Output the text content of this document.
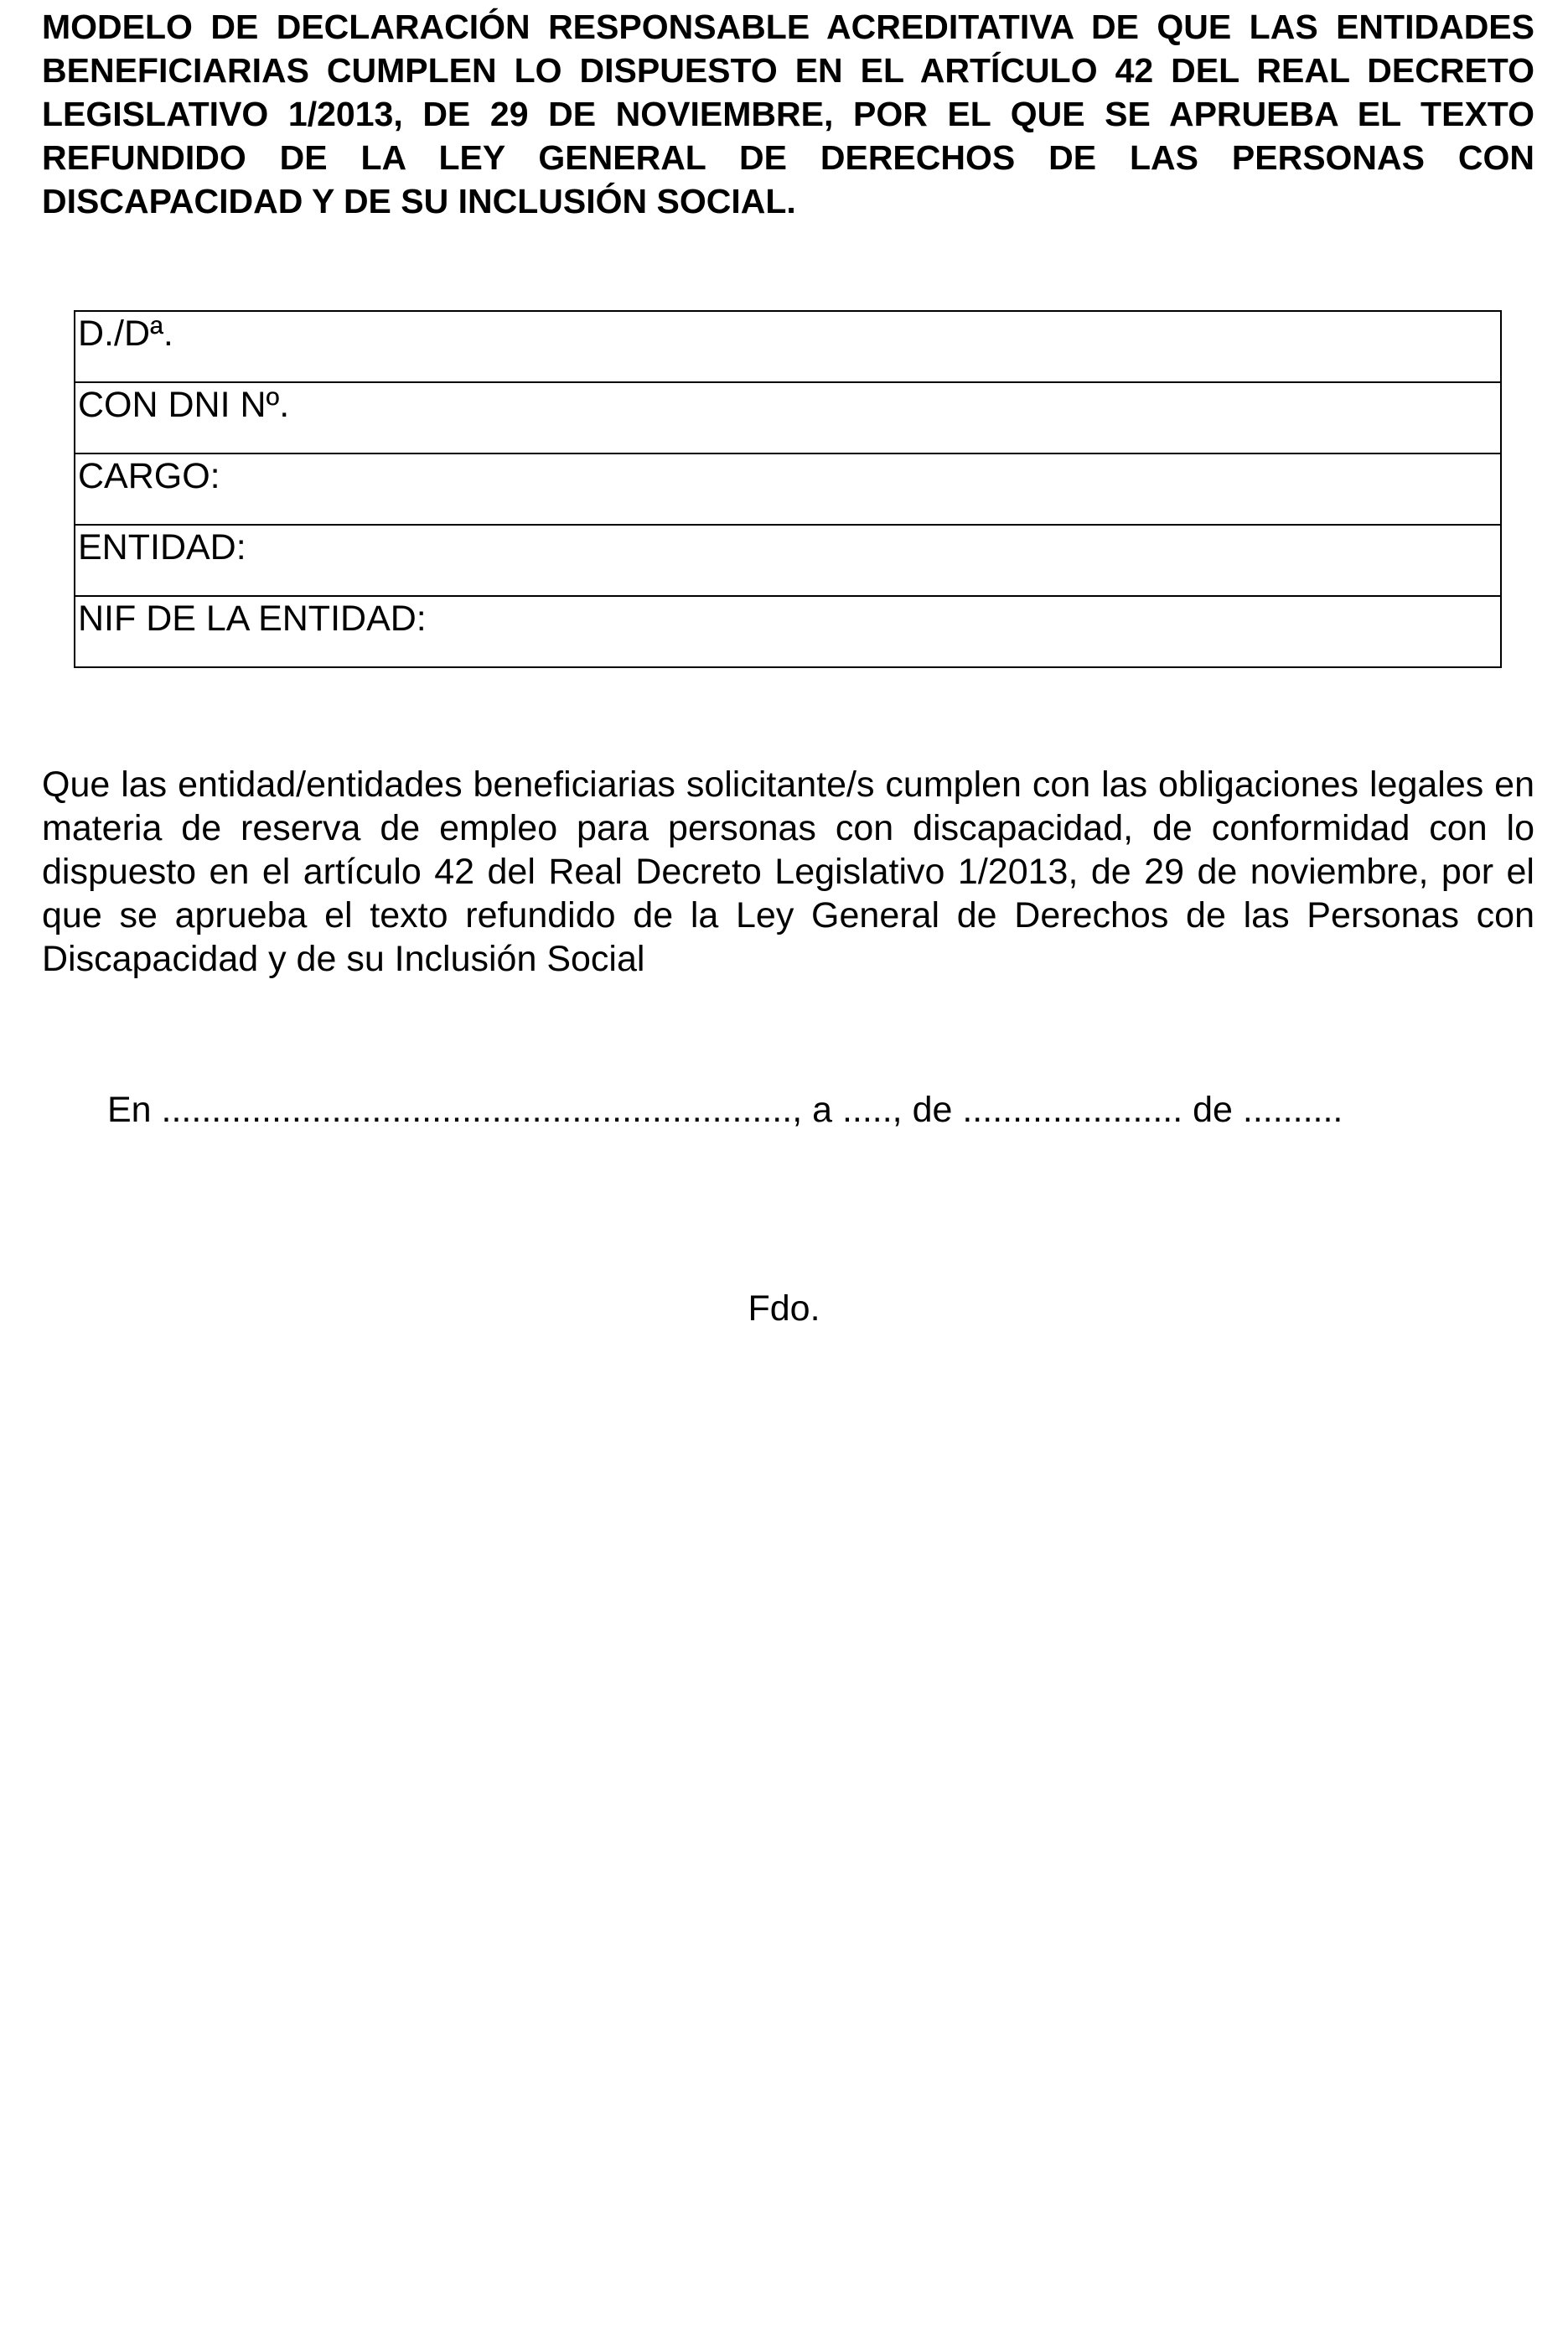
MODELO DE DECLARACIÓN RESPONSABLE ACREDITATIVA DE QUE LAS ENTIDADES BENEFICIARIAS CUMPLEN LO DISPUESTO EN EL ARTÍCULO 42 DEL REAL DECRETO LEGISLATIVO 1/2013, DE 29 DE NOVIEMBRE, POR EL QUE SE APRUEBA EL TEXTO REFUNDIDO DE LA LEY GENERAL DE DERECHOS DE LAS PERSONAS CON DISCAPACIDAD Y DE SU INCLUSIÓN SOCIAL.
D./Dª.
CON DNI Nº.
CARGO:
ENTIDAD:
NIF DE LA ENTIDAD:

Que las entidad/entidades beneficiarias solicitante/s cumplen con las obligaciones legales en materia de reserva de empleo para personas con discapacidad, de conformidad con lo dispuesto en el artículo 42 del Real Decreto Legislativo 1/2013, de 29 de noviembre, por el que se aprueba el texto refundido de la Ley General de Derechos de las Personas con Discapacidad y de su Inclusión Social

En ..............................................................., a ....., de ...................... de ..........
Fdo.
